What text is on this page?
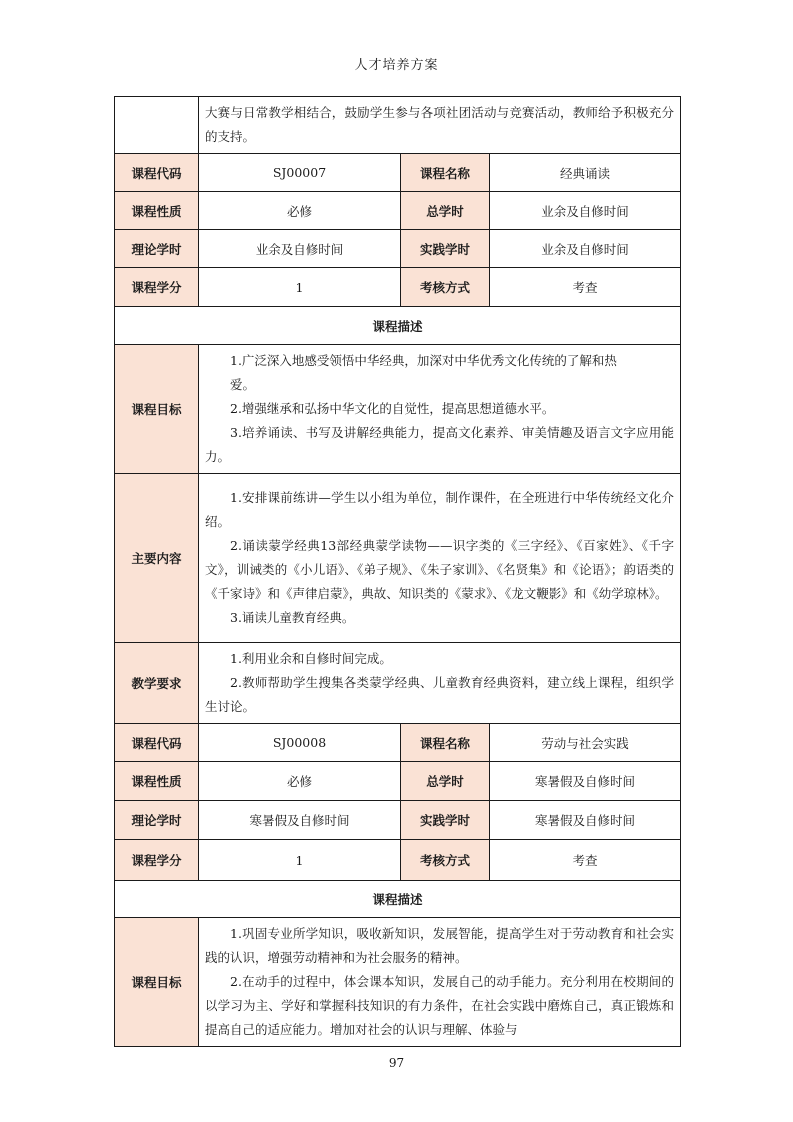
人才培养方案

	大赛与日常教学相结合，鼓励学生参与各项社团活动与竞赛活动，教师给予积极充分的支持。		

课程代码	SJ00007	课程名称	经典诵读
课程性质	必修	总学时	业余及自修时间
理论学时	业余及自修时间	实践学时	业余及自修时间
课程学分	1	考核方式	考查
课程描述			
课程目标	1.广泛深入地感受领悟中华经典，加深对中华优秀文化传统的了解和热

爱。

2.增强继承和弘扬中华文化的自觉性，提高思想道德水平。

3.培养诵读、书写及讲解经典能力，提高文化素养、审美情趣及语言文字应用能力。		

主要内容	1.安排课前练讲—学生以小组为单位，制作课件，在全班进行中华传统经文化介绍。

2.诵读蒙学经典13部经典蒙学读物——识字类的《三字经》、《百家姓》、《千字文》，训诫类的《小儿语》、《弟子规》、《朱子家训》、《名贤集》和《论语》；韵语类的《千家诗》和《声律启蒙》，典故、知识类的《蒙求》、《龙文鞭影》和《幼学琼林》。

3.诵读儿童教育经典。		

教学要求	1.利用业余和自修时间完成。

2.教师帮助学生搜集各类蒙学经典、儿童教育经典资料，建立线上课程，组织学生讨论。		

课程代码	SJ00008	课程名称	劳动与社会实践
课程性质	必修	总学时	寒暑假及自修时间
理论学时	寒暑假及自修时间	实践学时	寒暑假及自修时间
课程学分	1	考核方式	考查
课程描述			
课程目标	1.巩固专业所学知识，吸收新知识，发展智能，提高学生对于劳动教育和社会实践的认识，增强劳动精神和为社会服务的精神。

2.在动手的过程中，体会课本知识，发展自己的动手能力。充分利用在校期间的以学习为主、学好和掌握科技知识的有力条件，在社会实践中磨炼自己，真正锻炼和提高自己的适应能力。增加对社会的认识与理解、体验与		

97
